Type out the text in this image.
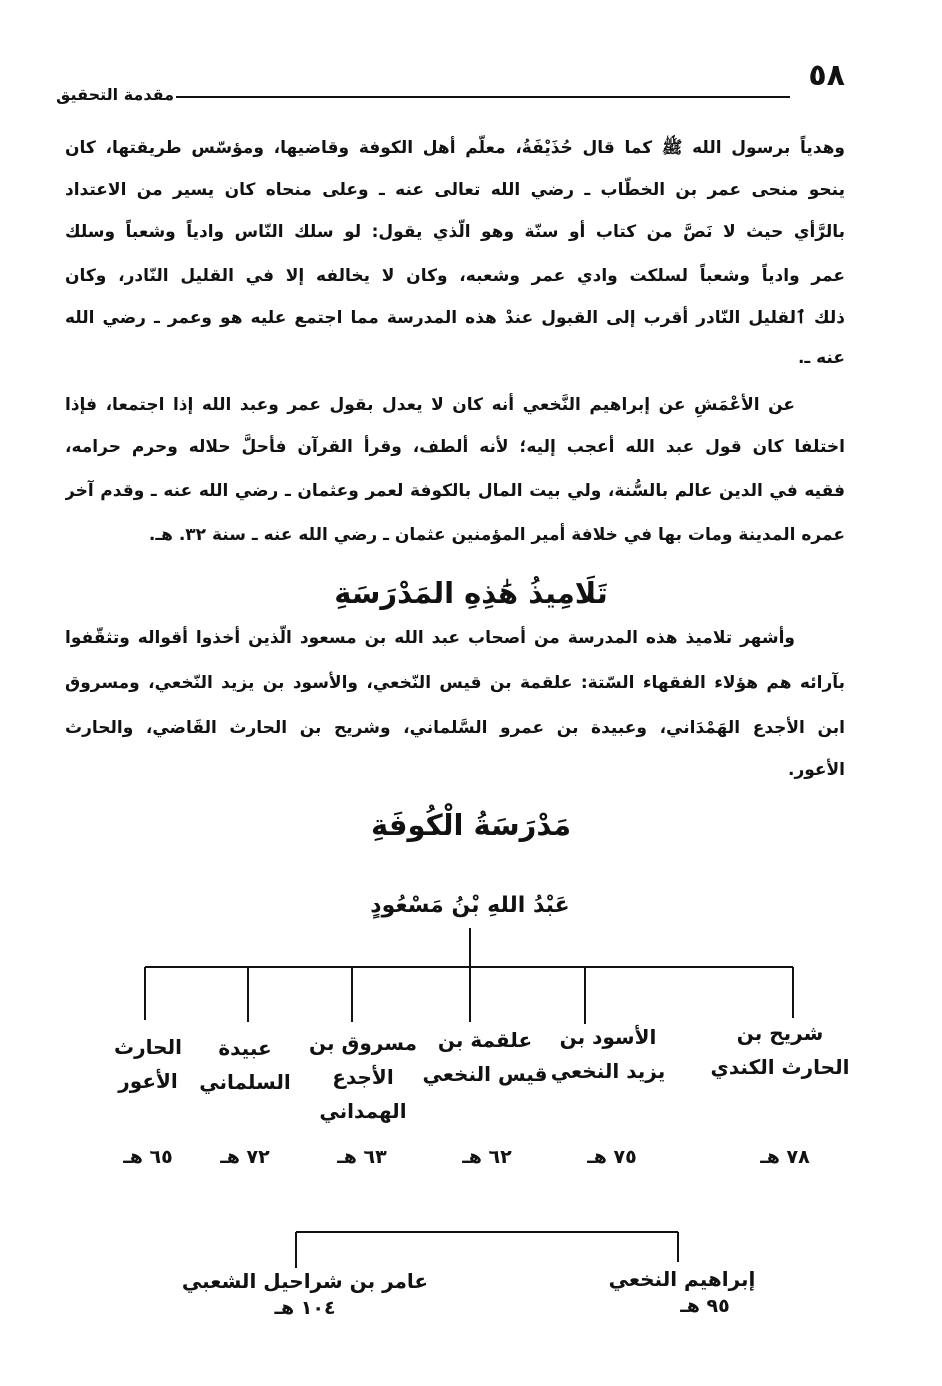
٥٨
مقدمة التحقيق
وهدياً برسول الله ﷺ كما قال حُذَيْفَةُ، معلّم أهل الكوفة وقاضيها، ومؤسّس طريقتها، كان
ينحو منحى عمر بن الخطّاب ـ رضي الله تعالى عنه ـ وعلى منحاه كان يسير من الاعتداد
بالرَّأي حيث لا نَصَّ من كتاب أو سنّة وهو الّذي يقول: لو سلك النّاس وادياً وشعباً وسلك
عمر وادياً وشعباً لسلكت وادي عمر وشعبه، وكان لا يخالفه إلا في القليل النّادر، وكان
ذلك ٱلقليل النّادر أقرب إلى القبول عندْ هذه المدرسة مما اجتمع عليه هو وعمر ـ رضي الله
عنه ـ.
عن الأعْمَشِ عن إبراهيم النَّخعي أنه كان لا يعدل بقول عمر وعبد الله إذا اجتمعا، فإذا
اختلفا كان قول عبد الله أعجب إليه؛ لأنه ألطف، وقرأ القرآن فأحلَّ حلاله وحرم حرامه،
فقيه في الدين عالم بالسُّنة، ولي بيت المال بالكوفة لعمر وعثمان ـ رضي الله عنه ـ وقدم آخر
عمره المدينة ومات بها في خلافة أمير المؤمنين عثمان ـ رضي الله عنه ـ سنة ٣٢. هـ.
تَلَامِيذُ هَٰذِهِ المَدْرَسَةِ
وأشهر تلاميذ هذه المدرسة من أصحاب عبد الله بن مسعود الّذين أخذوا أقواله وتثقّفوا
بآرائه هم هؤلاء الفقهاء السّتة: علقمة بن قيس النّخعي، والأسود بن يزيد النّخعي، ومسروق
ابن الأجدع الهَمْدَاني، وعبيدة بن عمرو السَّلماني، وشريح بن الحارث القَاضي، والحارث
الأعور.
مَدْرَسَةُ الْكُوفَةِ
عَبْدُ اللهِ بْنُ مَسْعُودٍ
شريح بن
الحارث الكندي
الأسود بن
يزيد النخعي
علقمة بن
قيس النخعي
مسروق بن
الأجدع
الهمداني
عبيدة
السلماني
الحارث
الأعور
٧٨ هـ
٧٥ هـ
٦٢ هـ
٦٣ هـ
٧٢ هـ
٦٥ هـ
إبراهيم النخعي
٩٥ هـ
عامر بن شراحيل الشعبي
١٠٤ هـ
